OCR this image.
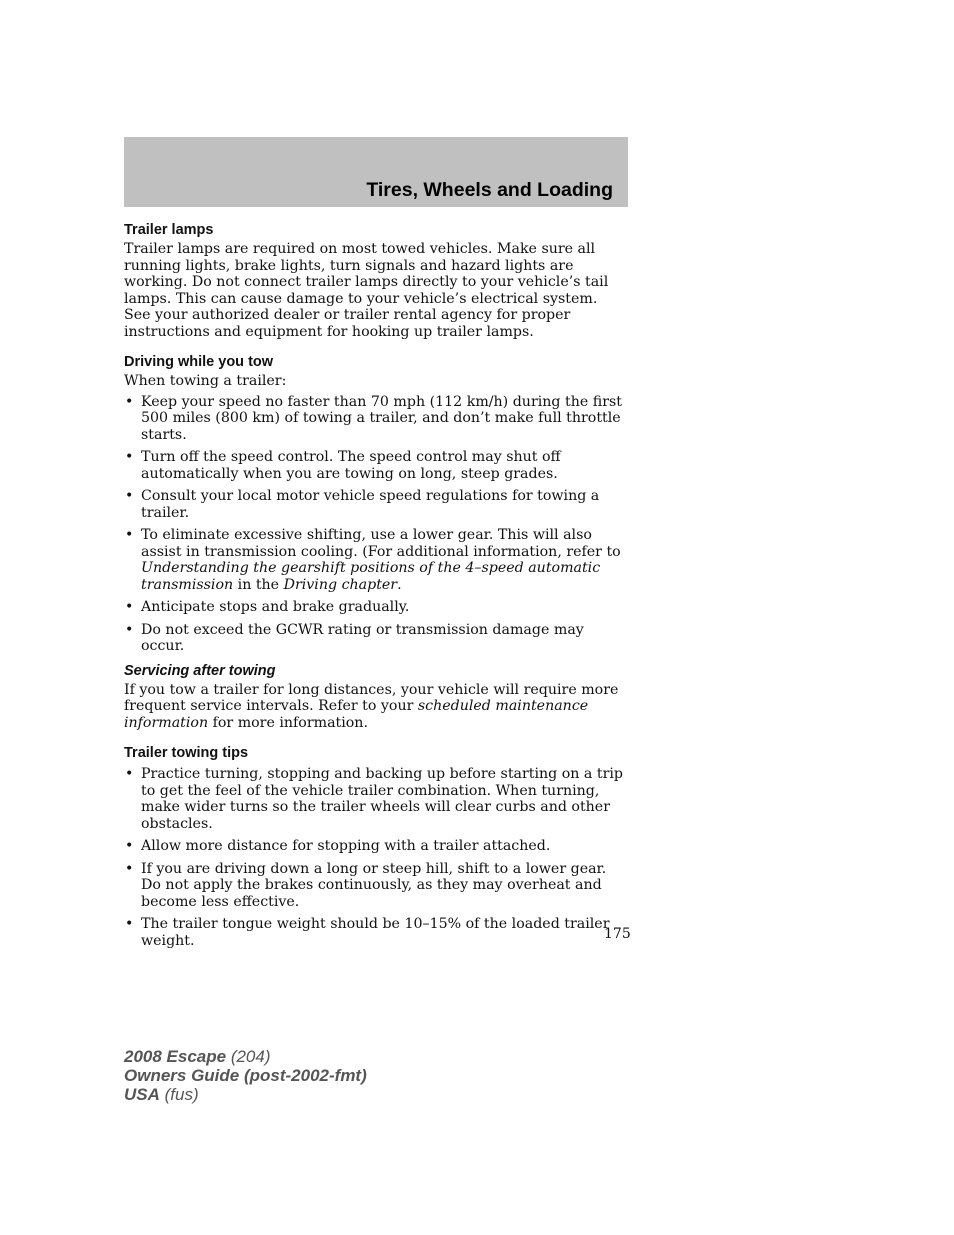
Tires, Wheels and Loading
Trailer lamps

Trailer lamps are required on most towed vehicles. Make sure all running lights, brake lights, turn signals and hazard lights are working. Do not connect trailer lamps directly to your vehicle’s tail lamps. This can cause damage to your vehicle’s electrical system. See your authorized dealer or trailer rental agency for proper instructions and equipment for hooking up trailer lamps.

Driving while you tow

When towing a trailer:

• Keep your speed no faster than 70 mph (112 km/h) during the first 500 miles (800 km) of towing a trailer, and don’t make full throttle starts.
• Turn off the speed control. The speed control may shut off automatically when you are towing on long, steep grades.
• Consult your local motor vehicle speed regulations for towing a trailer.
• To eliminate excessive shifting, use a lower gear. This will also assist in transmission cooling. (For additional information, refer to Understanding the gearshift positions of the 4–speed automatic transmission in the Driving chapter.
• Anticipate stops and brake gradually.
• Do not exceed the GCWR rating or transmission damage may occur.
Servicing after towing

If you tow a trailer for long distances, your vehicle will require more frequent service intervals. Refer to your scheduled maintenance information for more information.

Trailer towing tips
• Practice turning, stopping and backing up before starting on a trip to get the feel of the vehicle trailer combination. When turning, make wider turns so the trailer wheels will clear curbs and other obstacles.
• Allow more distance for stopping with a trailer attached.
• If you are driving down a long or steep hill, shift to a lower gear. Do not apply the brakes continuously, as they may overheat and become less effective.
• The trailer tongue weight should be 10–15% of the loaded trailer weight.	175
2008 Escape (204)
Owners Guide (post-2002-fmt)
USA (fus)
